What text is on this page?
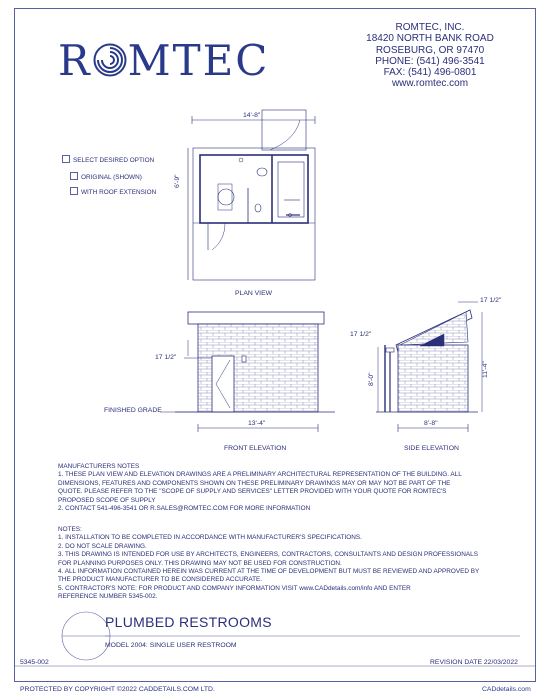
R MTEC
ROMTEC, INC.
18420 NORTH BANK ROAD
ROSEBURG, OR 97470
PHONE: (541) 496-3541
FAX: (541) 496-0801
www.romtec.com
SELECT DESIRED OPTION
ORIGINAL (SHOWN)
WITH ROOF EXTENSION
14'-8"
6'-9"
PLAN VIEW
17 1/2"
FINISHED GRADE
13'-4"
FRONT ELEVATION
17 1/2"
17 1/2"
8'-0"
11'-4"
8'-8"
SIDE ELEVATION
MANUFACTURERS NOTES
1. THESE PLAN VIEW AND ELEVATION DRAWINGS ARE A PRELIMINARY ARCHITECTURAL REPRESENTATION OF THE BUILDING. ALL
DIMENSIONS, FEATURES AND COMPONENTS SHOWN ON THESE PRELIMINARY DRAWINGS MAY OR MAY NOT BE PART OF THE
QUOTE. PLEASE REFER TO THE "SCOPE OF SUPPLY AND SERVICES" LETTER PROVIDED WITH YOUR QUOTE FOR ROMTEC'S
PROPOSED SCOPE OF SUPPLY
2. CONTACT 541-496-3541 OR R.SALES@ROMTEC.COM FOR MORE INFORMATION
NOTES:
1. INSTALLATION TO BE COMPLETED IN ACCORDANCE WITH MANUFACTURER'S SPECIFICATIONS.
2. DO NOT SCALE DRAWING.
3. THIS DRAWING IS INTENDED FOR USE BY ARCHITECTS, ENGINEERS, CONTRACTORS, CONSULTANTS AND DESIGN PROFESSIONALS
FOR PLANNING PURPOSES ONLY. THIS DRAWING MAY NOT BE USED FOR CONSTRUCTION.
4. ALL INFORMATION CONTAINED HEREIN WAS CURRENT AT THE TIME OF DEVELOPMENT BUT MUST BE REVIEWED AND APPROVED BY
THE PRODUCT MANUFACTURER TO BE CONSIDERED ACCURATE.
5. CONTRACTOR'S NOTE: FOR PRODUCT AND COMPANY INFORMATION VISIT www.CADdetails.com/info AND ENTER
REFERENCE NUMBER 5345-002.
PLUMBED RESTROOMS
MODEL 2004: SINGLE USER RESTROOM
5345-002	REVISION DATE 22/03/2022
PROTECTED BY COPYRIGHT ©2022 CADDETAILS.COM LTD.	CADdetails.com
